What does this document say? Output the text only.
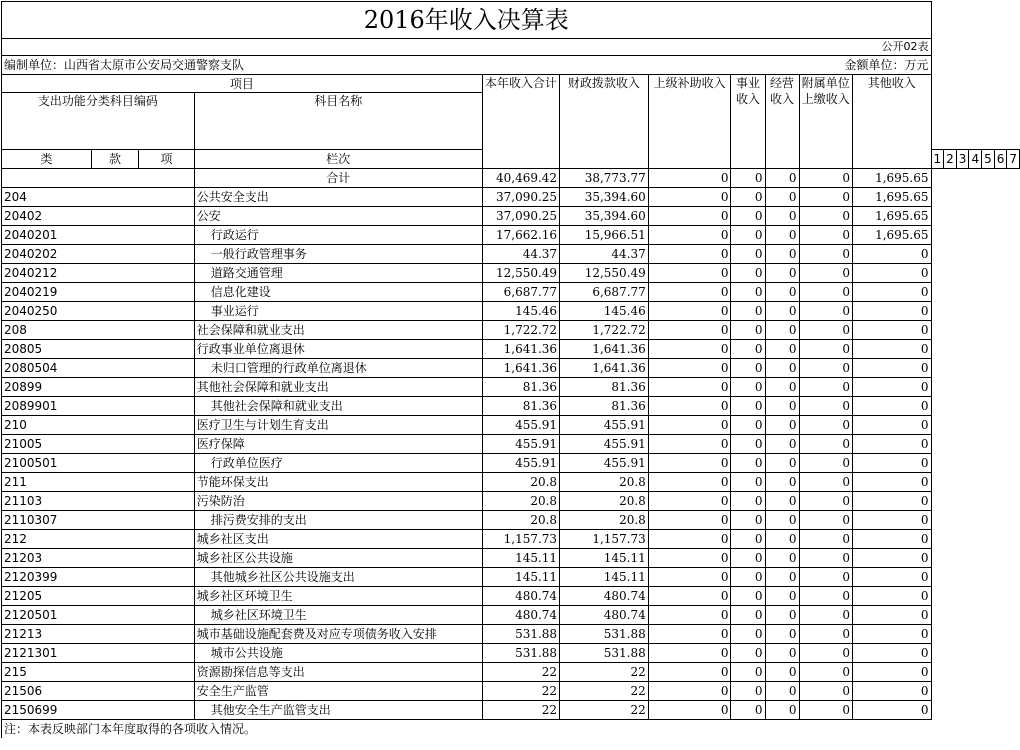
2016年收入决算表																	
公开02表																	
编制单位：山西省太原市公安局交通警察支队									金额单位：万元								
项目				本年收入合计	财政拨款收入	上级补助收入	事业收入	经营收入	附属单位上缴收入	其他收入							
支出功能分类科目编码			科目名称														
类	款	项	栏次								1	2	3	4	5	6	7
			合计	40,469.42	38,773.77	0	0	0	0	1,695.65							
204			公共安全支出	37,090.25	35,394.60	0	0	0	0	1,695.65							
20402			公安	37,090.25	35,394.60	0	0	0	0	1,695.65							
2040201			行政运行	17,662.16	15,966.51	0	0	0	0	1,695.65							
2040202			一般行政管理事务	44.37	44.37	0	0	0	0	0							
2040212			道路交通管理	12,550.49	12,550.49	0	0	0	0	0							
2040219			信息化建设	6,687.77	6,687.77	0	0	0	0	0							
2040250			事业运行	145.46	145.46	0	0	0	0	0							
208			社会保障和就业支出	1,722.72	1,722.72	0	0	0	0	0							
20805			行政事业单位离退休	1,641.36	1,641.36	0	0	0	0	0							
2080504			未归口管理的行政单位离退休	1,641.36	1,641.36	0	0	0	0	0							
20899			其他社会保障和就业支出	81.36	81.36	0	0	0	0	0							
2089901			其他社会保障和就业支出	81.36	81.36	0	0	0	0	0							
210			医疗卫生与计划生育支出	455.91	455.91	0	0	0	0	0							
21005			医疗保障	455.91	455.91	0	0	0	0	0							
2100501			行政单位医疗	455.91	455.91	0	0	0	0	0							
211			节能环保支出	20.8	20.8	0	0	0	0	0							
21103			污染防治	20.8	20.8	0	0	0	0	0							
2110307			排污费安排的支出	20.8	20.8	0	0	0	0	0							
212			城乡社区支出	1,157.73	1,157.73	0	0	0	0	0							
21203			城乡社区公共设施	145.11	145.11	0	0	0	0	0							
2120399			其他城乡社区公共设施支出	145.11	145.11	0	0	0	0	0							
21205			城乡社区环境卫生	480.74	480.74	0	0	0	0	0							
2120501			城乡社区环境卫生	480.74	480.74	0	0	0	0	0							
21213			城市基础设施配套费及对应专项债务收入安排	531.88	531.88	0	0	0	0	0							
2121301			城市公共设施	531.88	531.88	0	0	0	0	0							
215			资源勘探信息等支出	22	22	0	0	0	0	0							
21506			安全生产监管	22	22	0	0	0	0	0							
2150699			其他安全生产监管支出	22	22	0	0	0	0	0							
注：本表反映部门本年度取得的各项收入情况。																	
